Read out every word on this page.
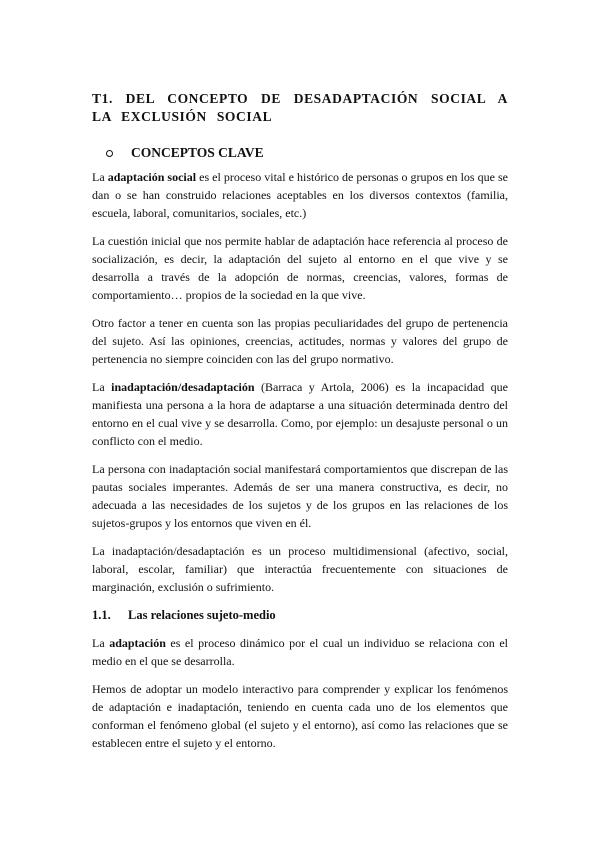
T1. DEL CONCEPTO DE DESADAPTACIÓN SOCIAL A LA EXCLUSIÓN SOCIAL
CONCEPTOS CLAVE

La adaptación social es el proceso vital e histórico de personas o grupos en los que se dan o se han construido relaciones aceptables en los diversos contextos (familia, escuela, laboral, comunitarios, sociales, etc.)

La cuestión inicial que nos permite hablar de adaptación hace referencia al proceso de socialización, es decir, la adaptación del sujeto al entorno en el que vive y se desarrolla a través de la adopción de normas, creencias, valores, formas de comportamiento… propios de la sociedad en la que vive.

Otro factor a tener en cuenta son las propias peculiaridades del grupo de pertenencia del sujeto. Así las opiniones, creencias, actitudes, normas y valores del grupo de pertenencia no siempre coinciden con las del grupo normativo.

La inadaptación/desadaptación (Barraca y Artola, 2006) es la incapacidad que manifiesta una persona a la hora de adaptarse a una situación determinada dentro del entorno en el cual vive y se desarrolla. Como, por ejemplo: un desajuste personal o un conflicto con el medio.

La persona con inadaptación social manifestará comportamientos que discrepan de las pautas sociales imperantes. Además de ser una manera constructiva, es decir, no adecuada a las necesidades de los sujetos y de los grupos en las relaciones de los sujetos-grupos y los entornos que viven en él.

La inadaptación/desadaptación es un proceso multidimensional (afectivo, social, laboral, escolar, familiar) que interactúa frecuentemente con situaciones de marginación, exclusión o sufrimiento.

1.1.	Las relaciones sujeto-medio

La adaptación es el proceso dinámico por el cual un individuo se relaciona con el medio en el que se desarrolla.

Hemos de adoptar un modelo interactivo para comprender y explicar los fenómenos de adaptación e inadaptación, teniendo en cuenta cada uno de los elementos que conforman el fenómeno global (el sujeto y el entorno), así como las relaciones que se establecen entre el sujeto y el entorno.
